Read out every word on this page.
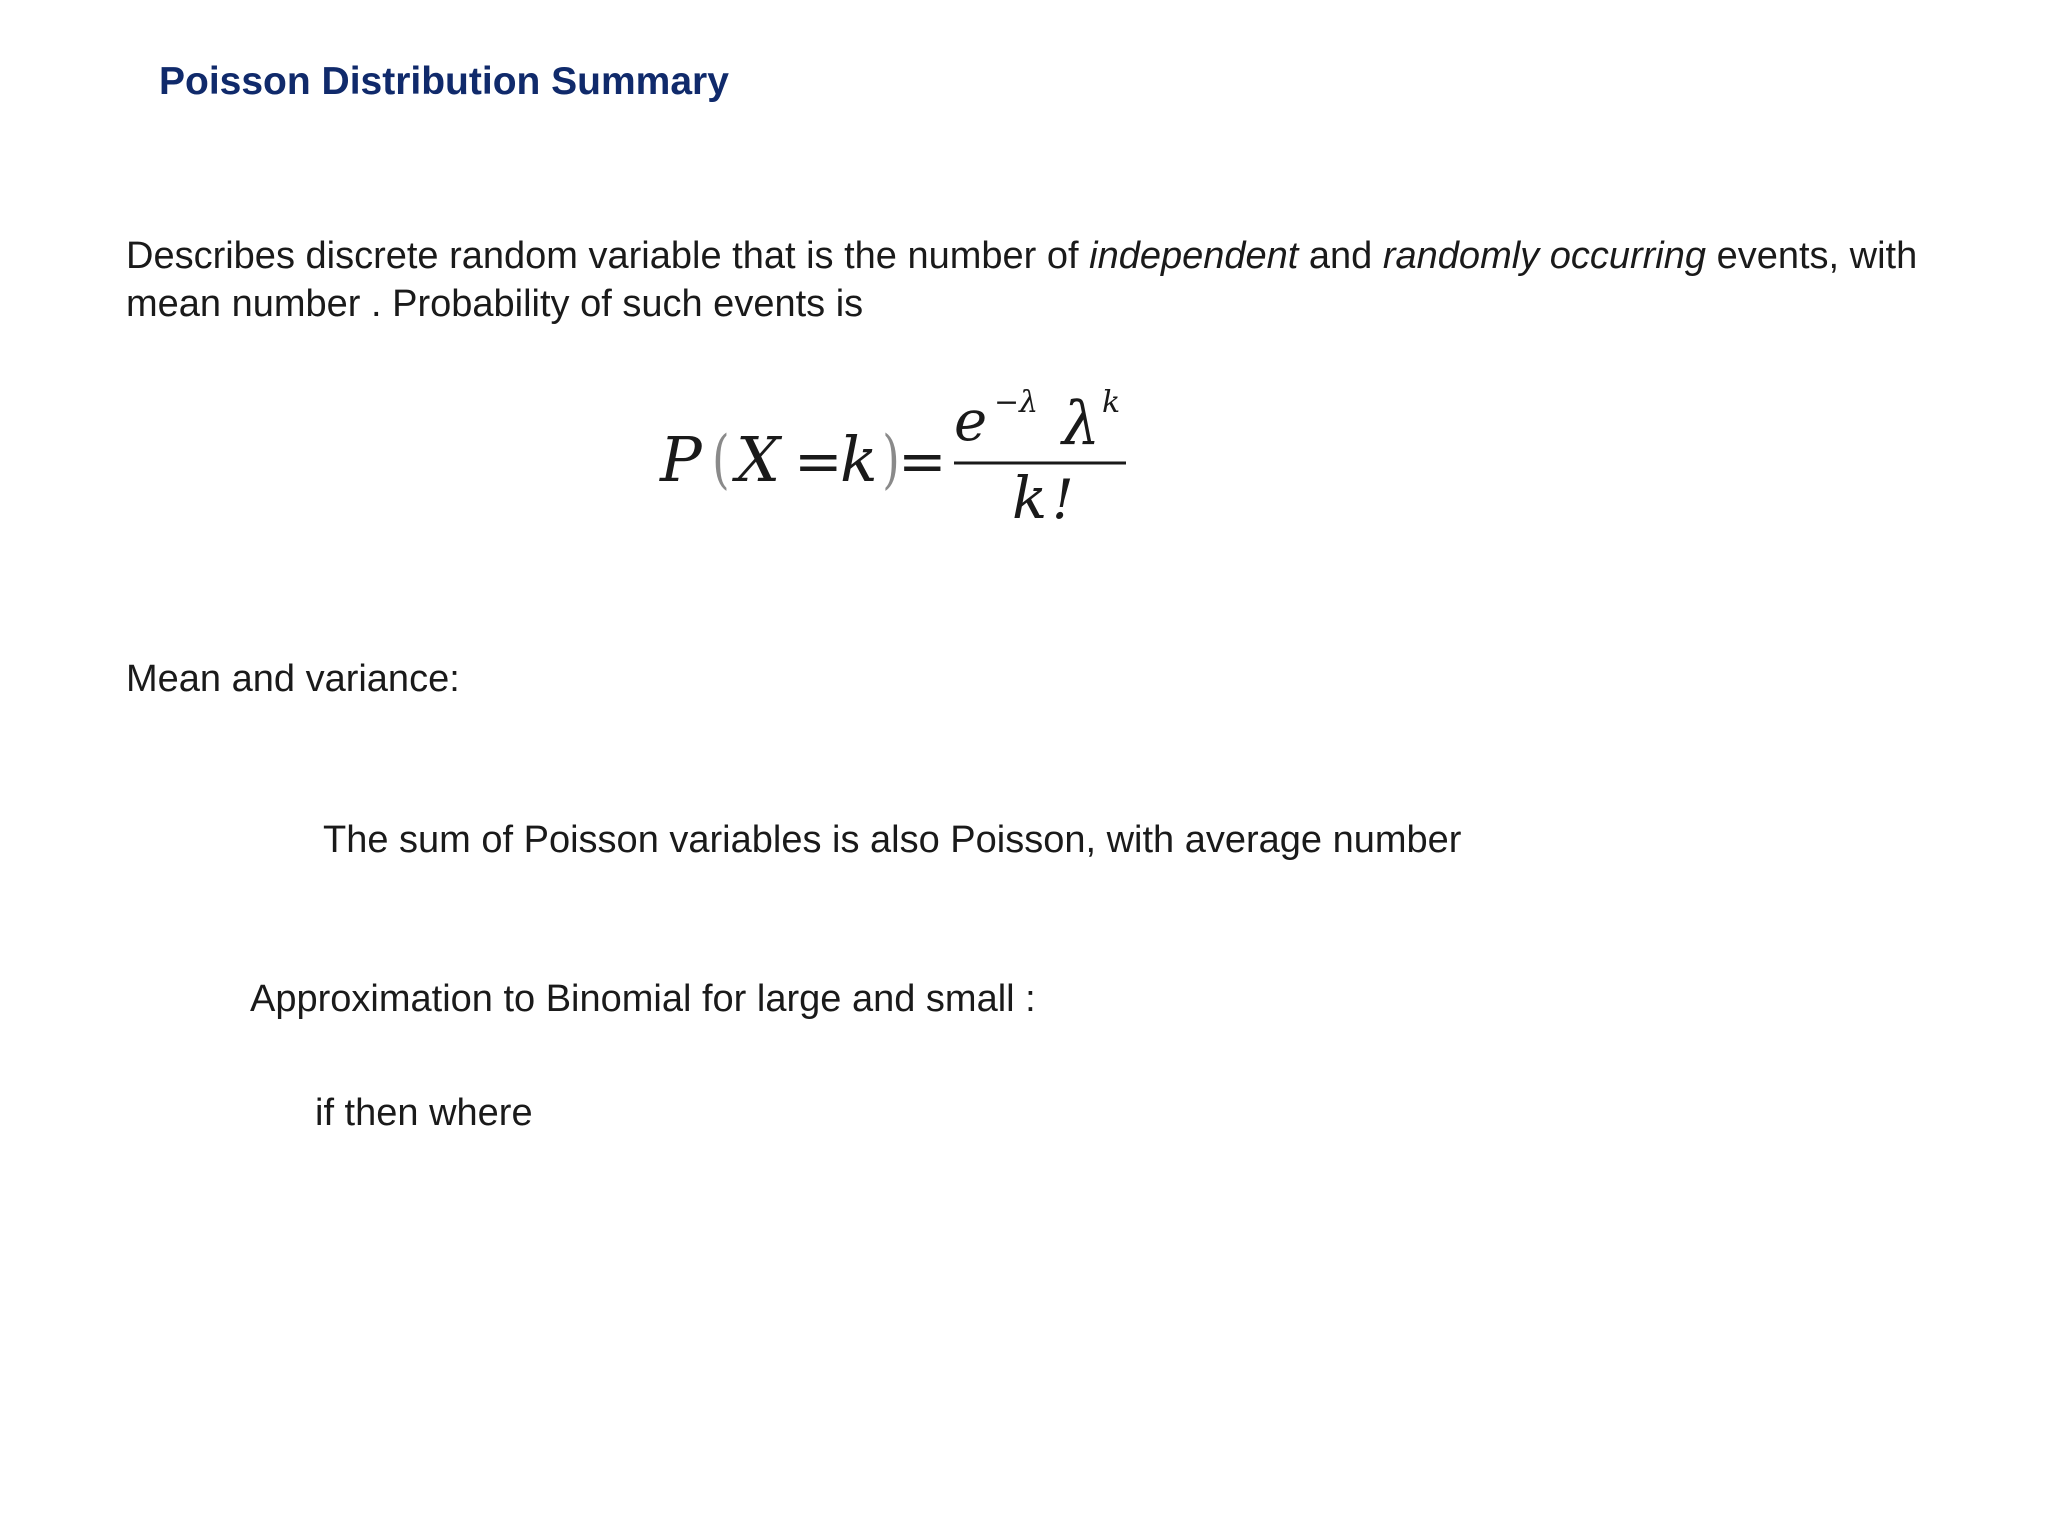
Poisson Distribution Summary
Describes discrete random variable that is the number of independent and randomly occurring events, with mean number . Probability of such events is
P ( X =
k )
=
e −λ λ k
k !
Mean and variance:
The sum of Poisson variables is also Poisson, with average number
Approximation to Binomial for large and small :
if then where
